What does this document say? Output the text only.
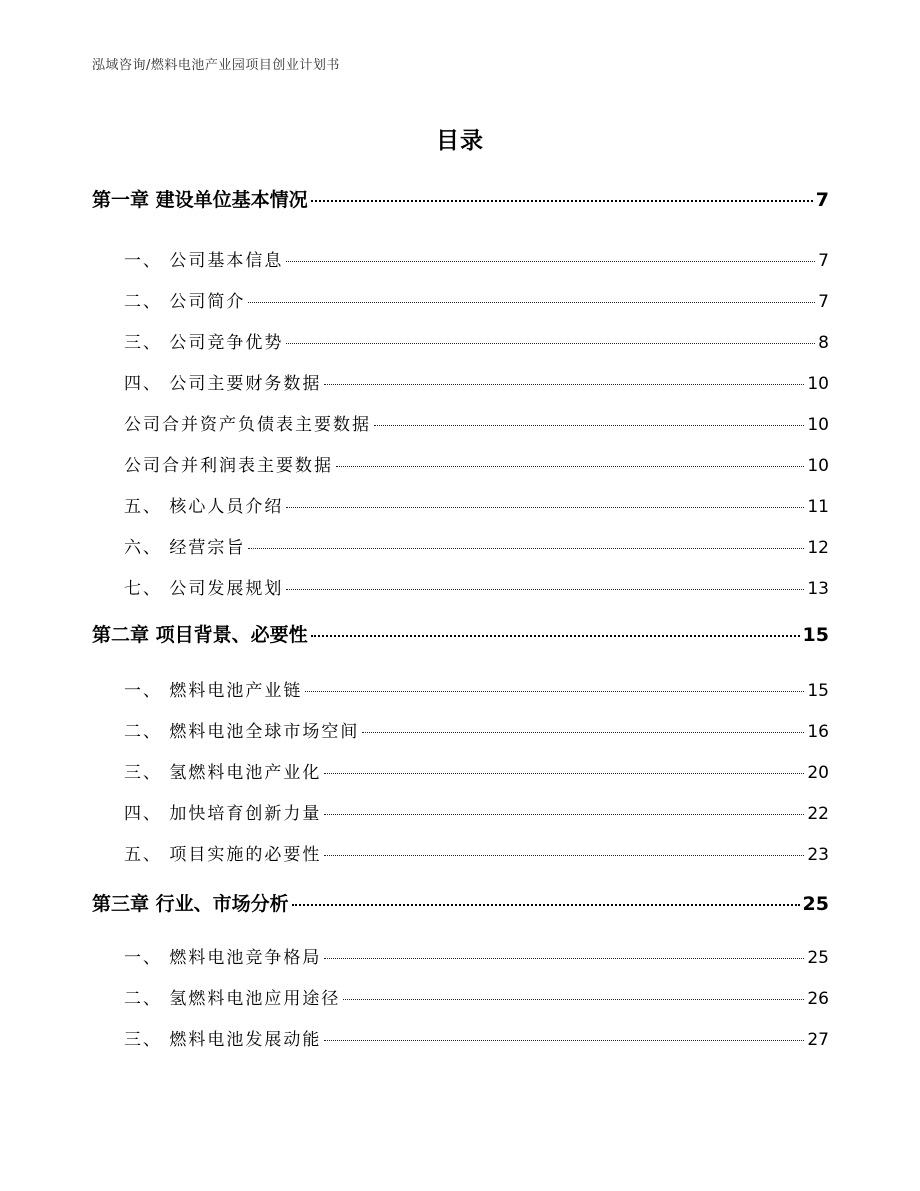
泓域咨询/燃料电池产业园项目创业计划书
目录
第一章 建设单位基本情况	7
一、 公司基本信息	7
二、 公司简介	7
三、 公司竞争优势	8
四、 公司主要财务数据	10
公司合并资产负债表主要数据	10
公司合并利润表主要数据	10
五、 核心人员介绍	11
六、 经营宗旨	12
七、 公司发展规划	13
第二章 项目背景、必要性	15
一、 燃料电池产业链	15
二、 燃料电池全球市场空间	16
三、 氢燃料电池产业化	20
四、 加快培育创新力量	22
五、 项目实施的必要性	23
第三章 行业、市场分析	25
一、 燃料电池竞争格局	25
二、 氢燃料电池应用途径	26
三、 燃料电池发展动能	27
